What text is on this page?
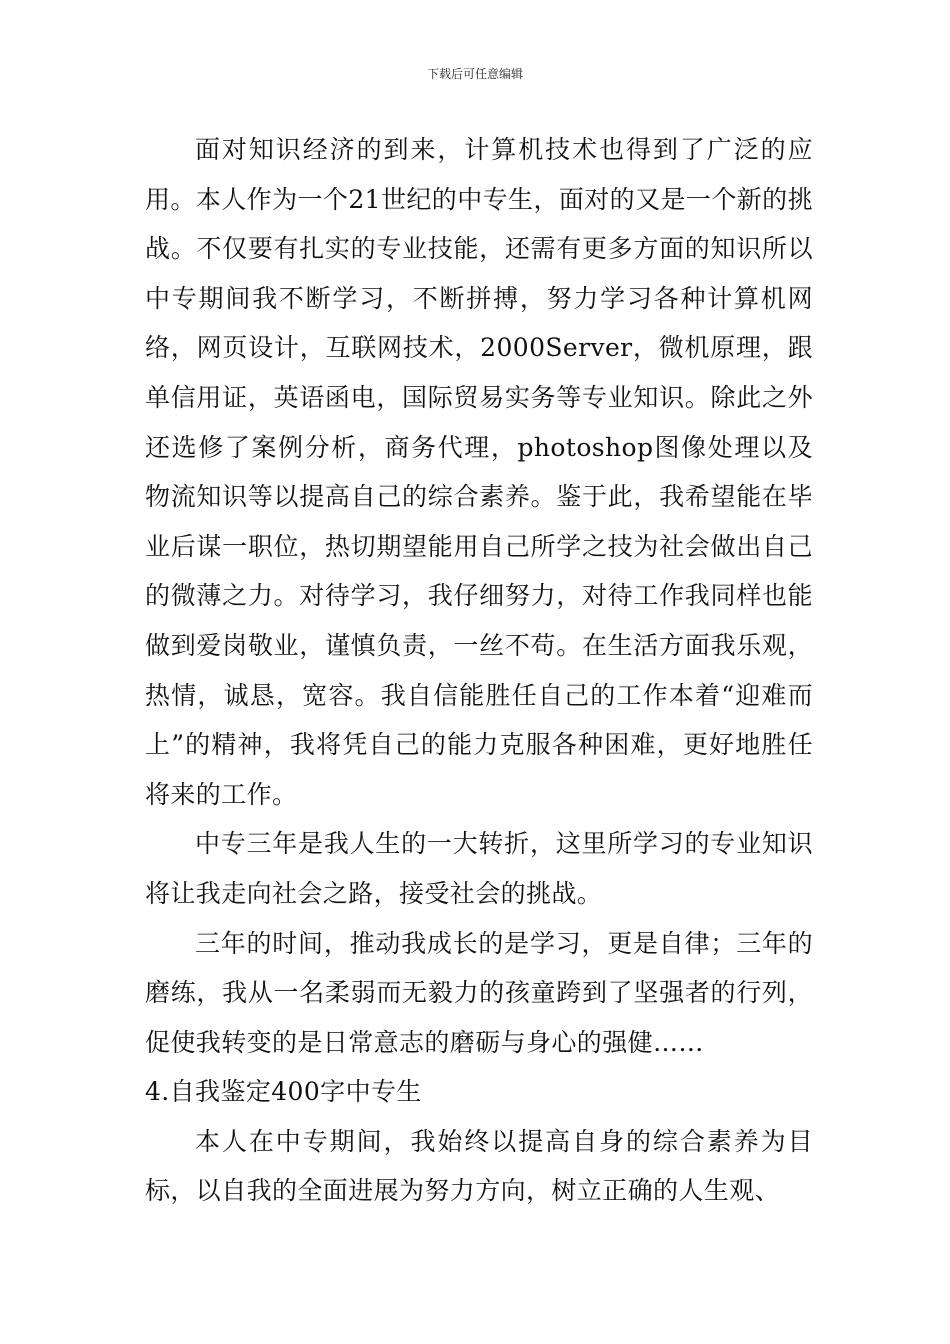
下载后可任意编辑

面对知识经济的到来，计算机技术也得到了广泛的应用。本人作为一个21世纪的中专生，面对的又是一个新的挑战。不仅要有扎实的专业技能，还需有更多方面的知识所以中专期间我不断学习，不断拼搏，努力学习各种计算机网络，网页设计，互联网技术，2000Server，微机原理，跟单信用证，英语函电，国际贸易实务等专业知识。除此之外还选修了案例分析，商务代理，photoshop图像处理以及物流知识等以提高自己的综合素养。鉴于此，我希望能在毕业后谋一职位，热切期望能用自己所学之技为社会做出自己的微薄之力。对待学习，我仔细努力，对待工作我同样也能做到爱岗敬业，谨慎负责，一丝不苟。在生活方面我乐观，热情，诚恳，宽容。我自信能胜任自己的工作本着“迎难而上”的精神，我将凭自己的能力克服各种困难，更好地胜任将来的工作。

中专三年是我人生的一大转折，这里所学习的专业知识将让我走向社会之路，接受社会的挑战。

三年的时间，推动我成长的是学习，更是自律；三年的磨练，我从一名柔弱而无毅力的孩童跨到了坚强者的行列，促使我转变的是日常意志的磨砺与身心的强健……

4.自我鉴定400字中专生

本人在中专期间，我始终以提高自身的综合素养为目标，以自我的全面进展为努力方向，树立正确的人生观、
